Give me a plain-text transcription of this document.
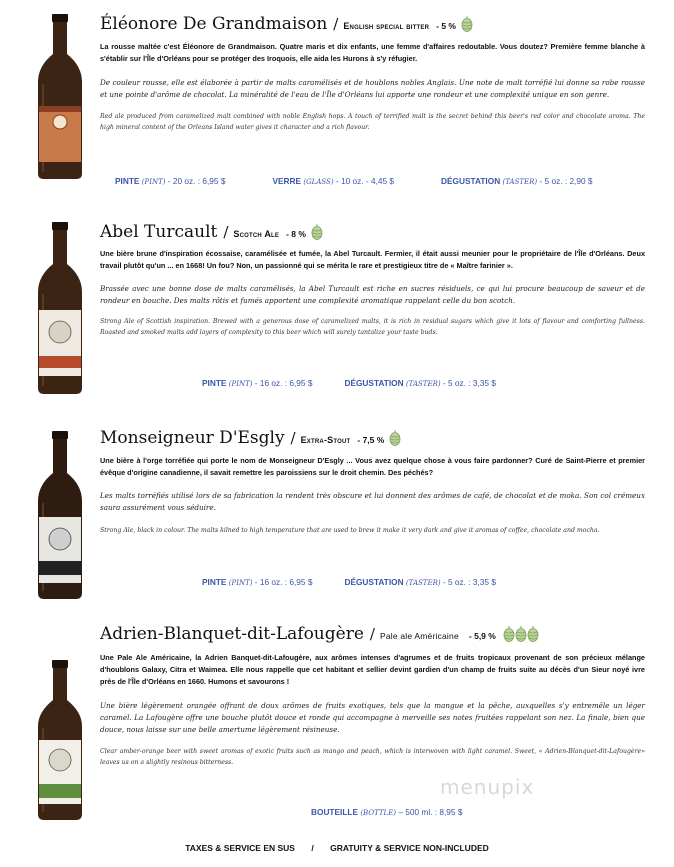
Éléonore De Grandmaison / English special bitter - 5 %

La rousse maltée c'est Éléonore de Grandmaison. Quatre maris et dix enfants, une femme d'affaires redoutable. Vous doutez? Première femme blanche à s'établir sur l'Île d'Orléans pour se protéger des Iroquois, elle aida les Hurons à s'y réfugier.

De couleur rousse, elle est élaborée à partir de malts caramélisés et de houblons nobles Anglais. Une note de malt torréfié lui donne sa robe rousse et une pointe d'arôme de chocolat. La minéralité de l'eau de l'Île d'Orléans lui apporte une rondeur et une complexité unique en son genre.

Red ale produced from caramelized malt combined with noble English hops. A touch of terrified malt is the secret behind this beer's red color and chocolate aroma. The high mineral content of the Orleans Island water gives it character and a rich flavour.

PINTE (PINT) - 20 oz. : 6,95 $	VERRE (GLASS) - 10 oz. - 4,45 $	DÉGUSTATION (TASTER) - 5 oz. : 2,90 $
Abel Turcault / Scotch Ale - 8 %

Une bière brune d'inspiration écossaise, caramélisée et fumée, la Abel Turcault. Fermier, il était aussi meunier pour le propriétaire de l'Île d'Orléans. Deux travail plutôt qu'un ... en 1668! Un fou? Non, un passionné qui se mérita le rare et prestigieux titre de « Maître farinier ».

Brassée avec une bonne dose de malts caramélisés, la Abel Turcault est riche en sucres résiduels, ce qui lui procure beaucoup de saveur et de rondeur en bouche. Des malts rôtis et fumés apportent une complexité aromatique rappelant celle du bon scotch.

Strong Ale of Scottish inspiration. Brewed with a generous dose of caramelized malts, it is rich in residual sugars which give it lots of flavour and comforting fullness. Roasted and smoked malts add layers of complexity to this beer which will surely tantalize your taste buds.

PINTE (PINT) - 16 oz. : 6,95 $	DÉGUSTATION (TASTER) - 5 oz. : 3,35 $
Monseigneur D'Esgly / Extra-Stout - 7,5 %

Une bière à l'orge torréfiée qui porte le nom de Monseigneur D'Esgly ... Vous avez quelque chose à vous faire pardonner? Curé de Saint-Pierre et premier évêque d'origine canadienne, il savait remettre les paroissiens sur le droit chemin. Des péchés?

Les malts torréfiés utilisé lors de sa fabrication la rendent très obscure et lui donnent des arômes de café, de chocolat et de moka. Son col crémeux saura assurément vous séduire.

Strong Ale, black in colour. The malts kilned to high temperature that are used to brew it make it very dark and give it aromas of coffee, chocolate and mocha.

PINTE (PINT) - 16 oz. : 6,95 $	DÉGUSTATION (TASTER) - 5 oz. : 3,35 $
Adrien-Blanquet-dit-Lafougère / Pale ale Américaine - 5,9 %

Une Pale Ale Américaine, la Adrien Banquet-dit-Lafougère, aux arômes intenses d'agrumes et de fruits tropicaux provenant de son précieux mélange d'houblons Galaxy, Citra et Waimea. Elle nous rappelle que cet habitant et sellier devint gardien d'un champ de fruits suite au décès d'un Sieur noyé ivre près de l'Île d'Orléans en 1660. Humons et savourons !

Une bière légèrement orangée offrant de doux arômes de fruits exotiques, tels que la mangue et la pêche, auxquelles s'y entremêle un léger caramel. La Lafougère offre une bouche plutôt douce et ronde qui accompagne à merveille ses notes fruitées rappelant son nez. La finale, bien que douce, nous laisse sur une belle amertume légèrement résineuse.

Clear amber-orange beer with sweet aromas of exotic fruits such as mango and peach, which is interwoven with light caramel. Sweet, « Adrien-Blanquet-dit-Lafougère» leaves us on a slightly resinous bitterness.

BOUTEILLE (BOTTLE) – 500 ml. : 8,95 $
menupix
TAXES & SERVICE EN SUS / GRATUITY & SERVICE NON-INCLUDED
